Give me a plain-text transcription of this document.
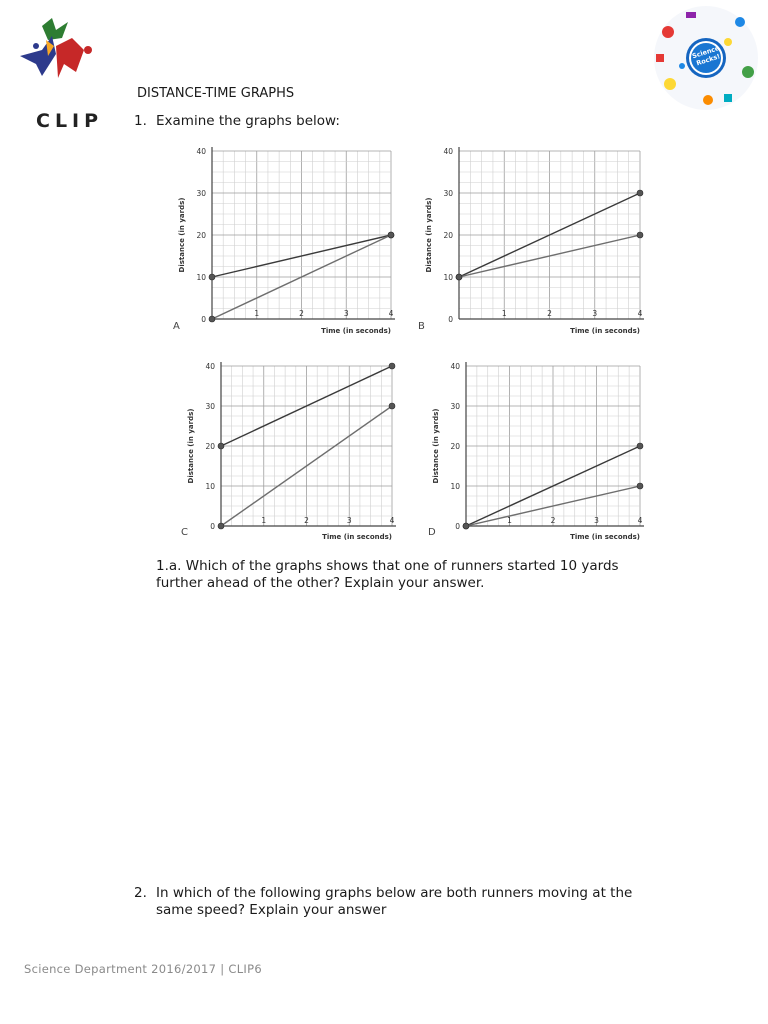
CLIP
Science Rocks!
DISTANCE-TIME GRAPHS
1. Examine the graphs below:
0
10
20
30
40
1	2	3	4
Distance (in yards)
Time (in seconds)
A
0
10
20
30
40
1	2	3	4
Distance (in yards)
Time (in seconds)
B
0
10
20
30
40
1	2	3	4
Distance (in yards)
Time (in seconds)
C
0
10
20
30
40
1	2	3	4
Distance (in yards)
Time (in seconds)
D
1.a. Which of the graphs shows that one of runners started 10 yards further ahead of the other? Explain your answer.
2. In which of the following graphs below are both runners moving at the same speed? Explain your answer
Science Department 2016/2017 | CLIP6
